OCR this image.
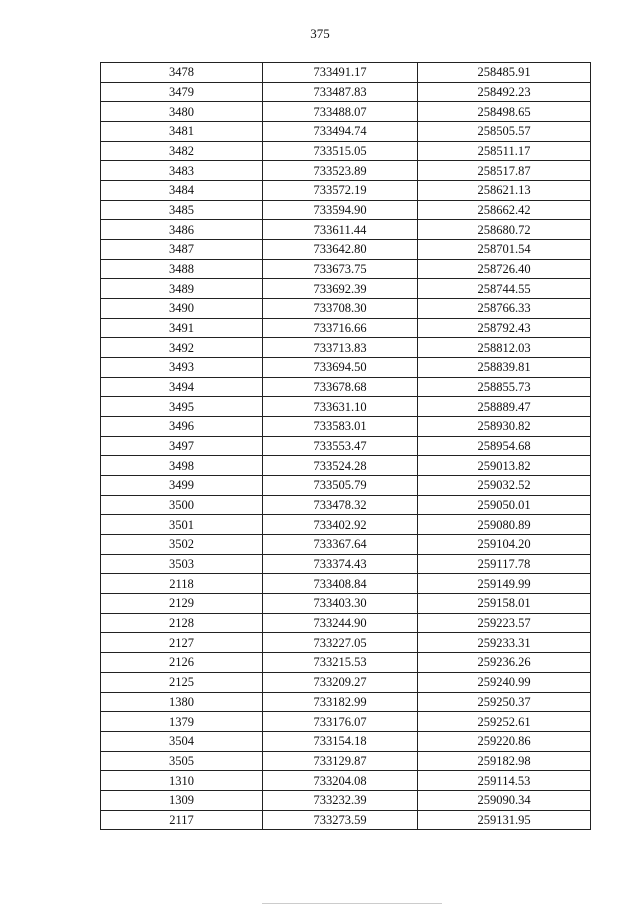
375
3478	733491.17	258485.91
3479	733487.83	258492.23
3480	733488.07	258498.65
3481	733494.74	258505.57
3482	733515.05	258511.17
3483	733523.89	258517.87
3484	733572.19	258621.13
3485	733594.90	258662.42
3486	733611.44	258680.72
3487	733642.80	258701.54
3488	733673.75	258726.40
3489	733692.39	258744.55
3490	733708.30	258766.33
3491	733716.66	258792.43
3492	733713.83	258812.03
3493	733694.50	258839.81
3494	733678.68	258855.73
3495	733631.10	258889.47
3496	733583.01	258930.82
3497	733553.47	258954.68
3498	733524.28	259013.82
3499	733505.79	259032.52
3500	733478.32	259050.01
3501	733402.92	259080.89
3502	733367.64	259104.20
3503	733374.43	259117.78
2118	733408.84	259149.99
2129	733403.30	259158.01
2128	733244.90	259223.57
2127	733227.05	259233.31
2126	733215.53	259236.26
2125	733209.27	259240.99
1380	733182.99	259250.37
1379	733176.07	259252.61
3504	733154.18	259220.86
3505	733129.87	259182.98
1310	733204.08	259114.53
1309	733232.39	259090.34
2117	733273.59	259131.95
